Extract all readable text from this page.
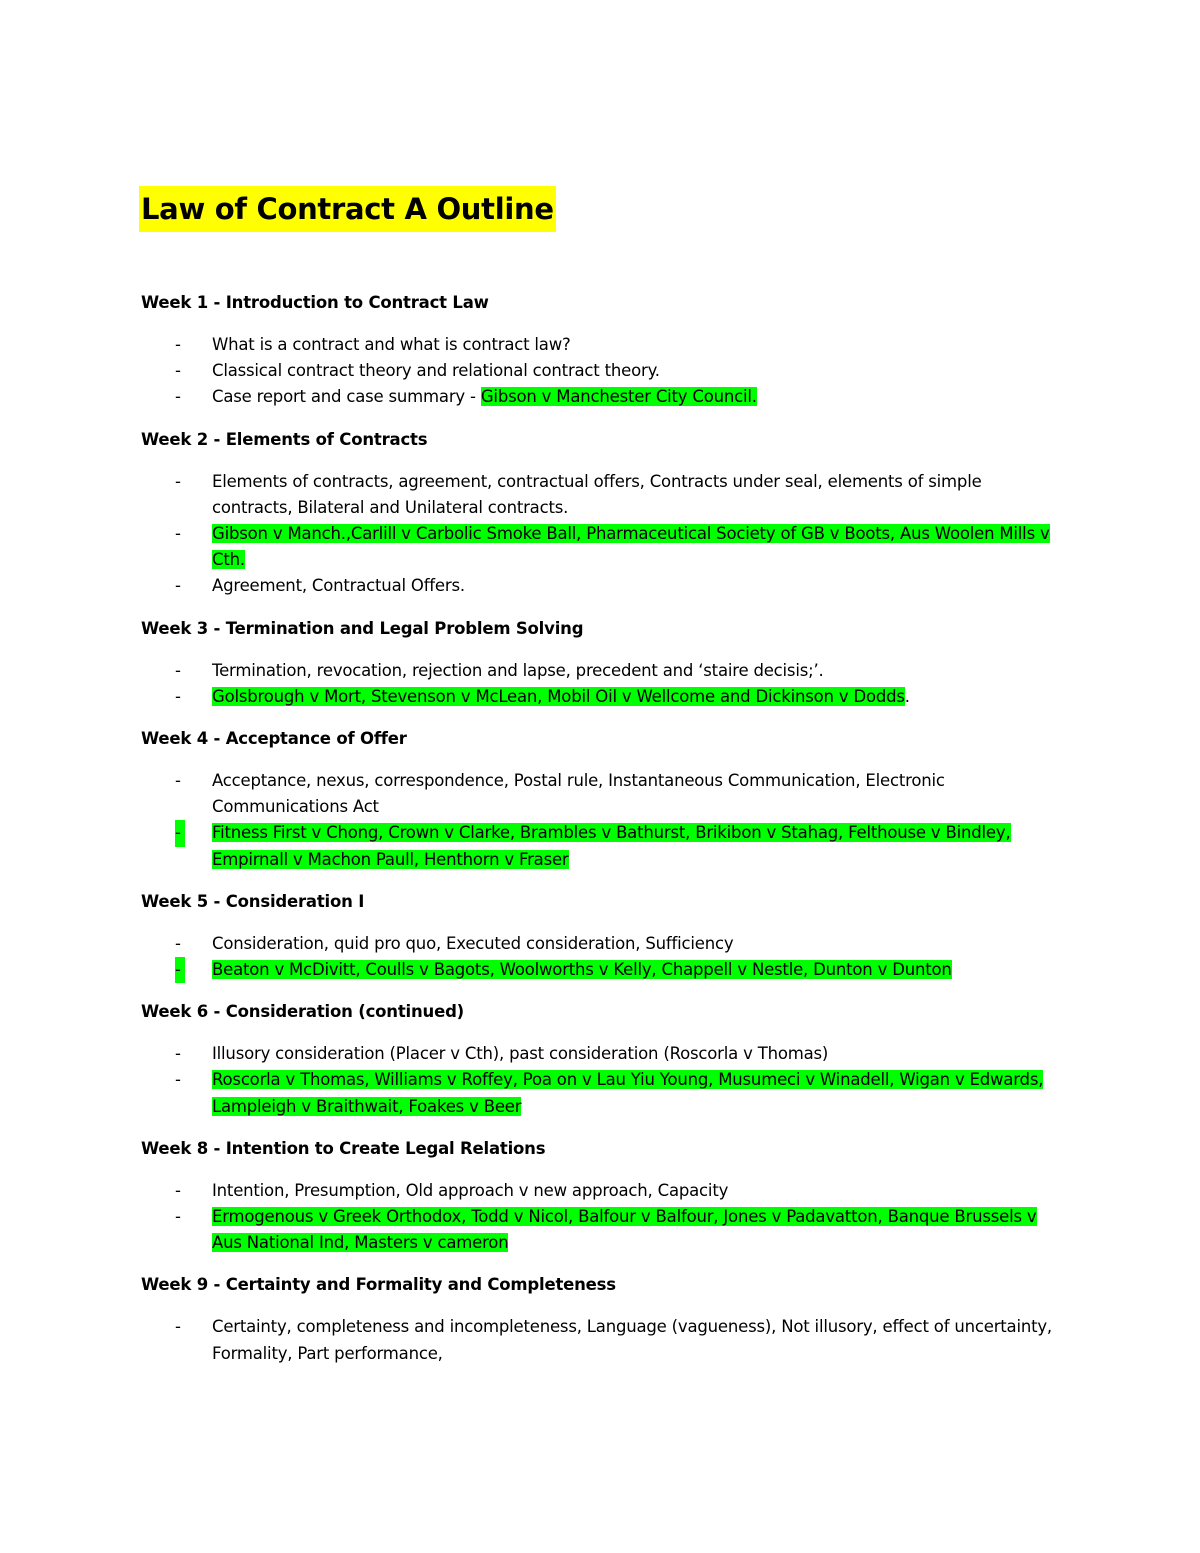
Law of Contract A Outline
Week 1 - Introduction to Contract Law
- What is a contract and what is contract law?
- Classical contract theory and relational contract theory.
- Case report and case summary - Gibson v Manchester City Council.
Week 2 - Elements of Contracts
- Elements of contracts, agreement, contractual offers, Contracts under seal, elements of simple contracts, Bilateral and Unilateral contracts.
- Gibson v Manch.,Carlill v Carbolic Smoke Ball, Pharmaceutical Society of GB v Boots, Aus Woolen Mills v Cth.
- Agreement, Contractual Offers.
Week 3 - Termination and Legal Problem Solving
- Termination, revocation, rejection and lapse, precedent and ‘staire decisis;’.
- Golsbrough v Mort, Stevenson v McLean, Mobil Oil v Wellcome and Dickinson v Dodds.
Week 4 - Acceptance of Offer
- Acceptance, nexus, correspondence, Postal rule, Instantaneous Communication, Electronic Communications Act
- Fitness First v Chong, Crown v Clarke, Brambles v Bathurst, Brikibon v Stahag, Felthouse v Bindley, Empirnall v Machon Paull, Henthorn v Fraser
Week 5 - Consideration I
- Consideration, quid pro quo, Executed consideration, Sufficiency
- Beaton v McDivitt, Coulls v Bagots, Woolworths v Kelly, Chappell v Nestle, Dunton v Dunton
Week 6 - Consideration (continued)
- Illusory consideration (Placer v Cth), past consideration (Roscorla v Thomas)
- Roscorla v Thomas, Williams v Roffey, Poa on v Lau Yiu Young, Musumeci v Winadell, Wigan v Edwards, Lampleigh v Braithwait, Foakes v Beer
Week 8 - Intention to Create Legal Relations
- Intention, Presumption, Old approach v new approach, Capacity
- Ermogenous v Greek Orthodox, Todd v Nicol, Balfour v Balfour, Jones v Padavatton, Banque Brussels v Aus National Ind, Masters v cameron
Week 9 - Certainty and Formality and Completeness
- Certainty, completeness and incompleteness, Language (vagueness), Not illusory, effect of uncertainty, Formality, Part performance,
